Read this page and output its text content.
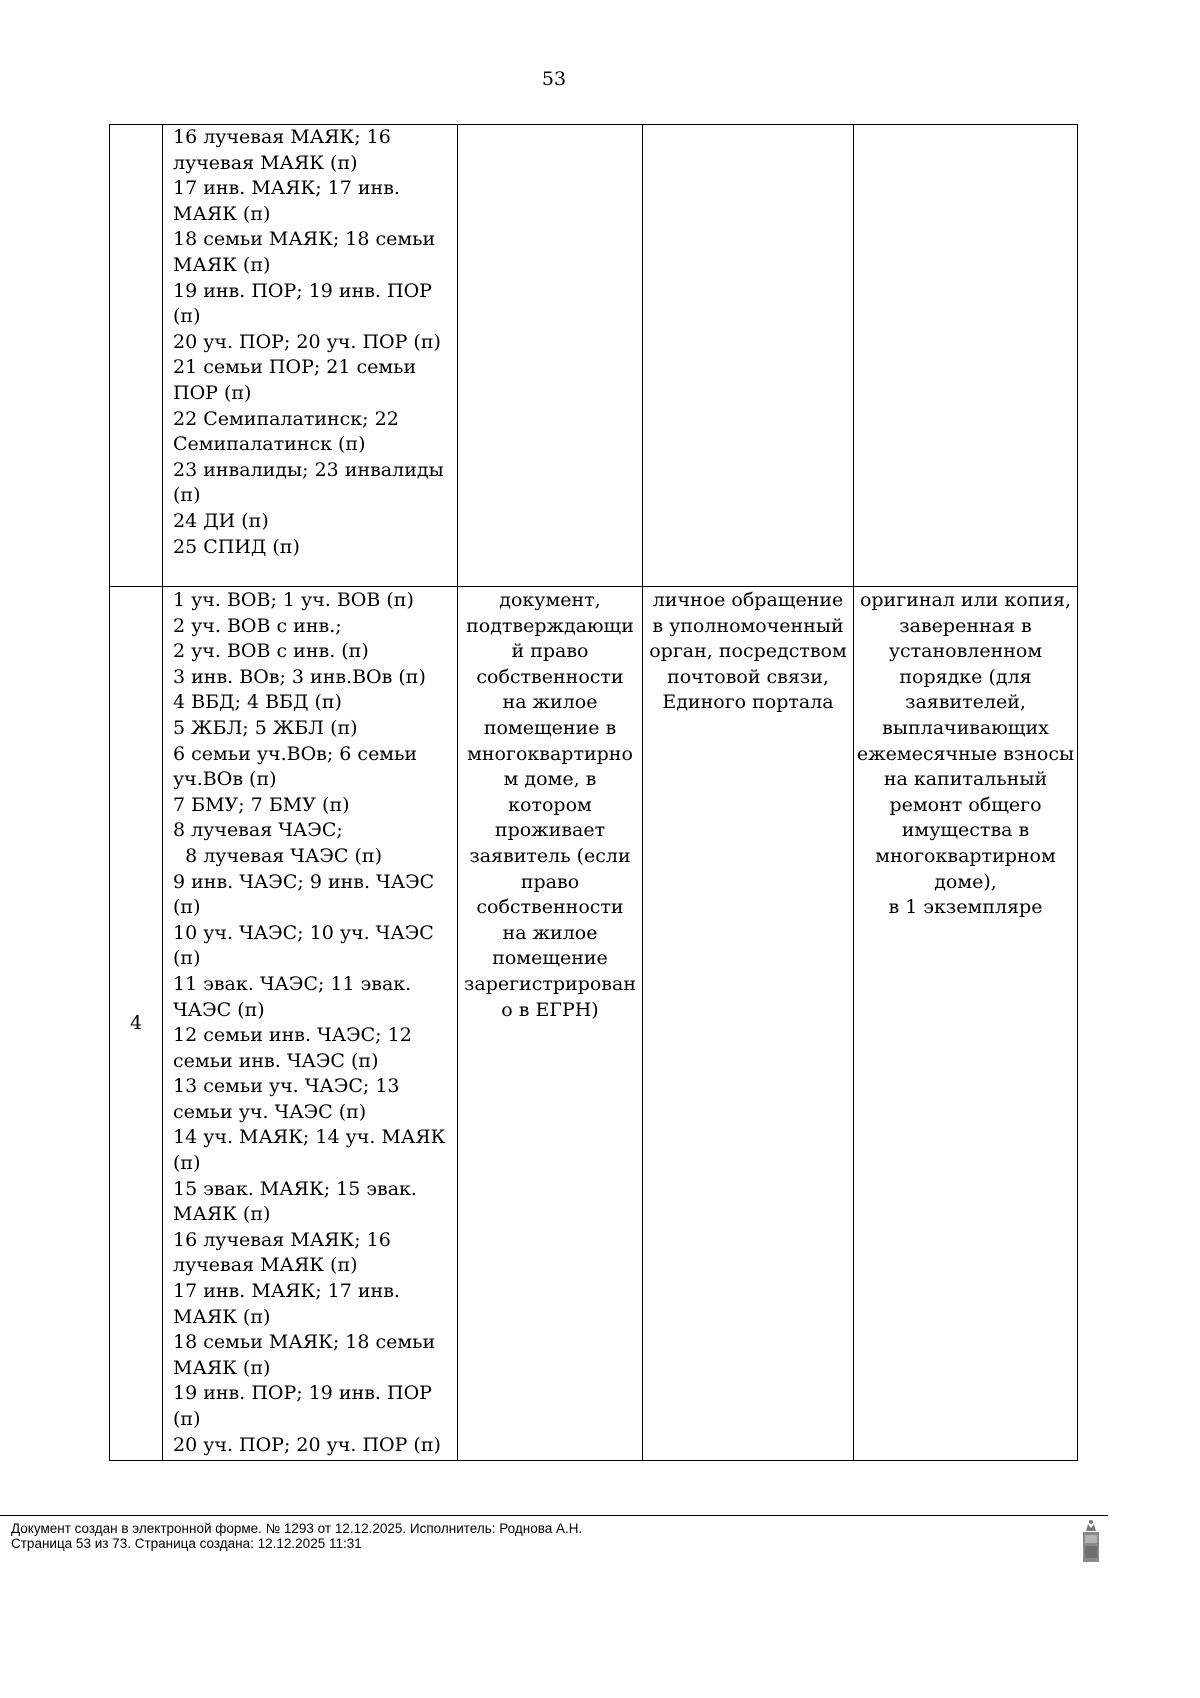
53
16 лучевая МАЯК; 16
лучевая МАЯК (п)
17 инв. МАЯК; 17 инв.
МАЯК (п)
18 семьи МАЯК; 18 семьи
МАЯК (п)
19 инв. ПОР; 19 инв. ПОР
(п)
20 уч. ПОР; 20 уч. ПОР (п)
21 семьи ПОР; 21 семьи
ПОР (п)
22 Семипалатинск; 22
Семипалатинск (п)
23 инвалиды; 23 инвалиды
(п)
24 ДИ (п)
25 СПИД (п)
4
1 уч. ВОВ; 1 уч. ВОВ (п)
2 уч. ВОВ с инв.;
2 уч. ВОВ с инв. (п)
3 инв. ВОв; 3 инв.ВОв (п)
4 ВБД; 4 ВБД (п)
5 ЖБЛ; 5 ЖБЛ (п)
6 семьи уч.ВОв; 6 семьи
уч.ВОв (п)
7 БМУ; 7 БМУ (п)
8 лучевая ЧАЭС;
8 лучевая ЧАЭС (п)
9 инв. ЧАЭС; 9 инв. ЧАЭС
(п)
10 уч. ЧАЭС; 10 уч. ЧАЭС
(п)
11 эвак. ЧАЭС; 11 эвак.
ЧАЭС (п)
12 семьи инв. ЧАЭС; 12
семьи инв. ЧАЭС (п)
13 семьи уч. ЧАЭС; 13
семьи уч. ЧАЭС (п)
14 уч. МАЯК; 14 уч. МАЯК
(п)
15 эвак. МАЯК; 15 эвак.
МАЯК (п)
16 лучевая МАЯК; 16
лучевая МАЯК (п)
17 инв. МАЯК; 17 инв.
МАЯК (п)
18 семьи МАЯК; 18 семьи
МАЯК (п)
19 инв. ПОР; 19 инв. ПОР
(п)
20 уч. ПОР; 20 уч. ПОР (п)
документ,
подтверждающи
й право
собственности
на жилое
помещение в
многоквартирно
м доме, в
котором
проживает
заявитель (если
право
собственности
на жилое
помещение
зарегистрирован
о в ЕГРН)
личное обращение
в уполномоченный
орган, посредством
почтовой связи,
Единого портала
оригинал или копия,
заверенная в
установленном
порядке (для
заявителей,
выплачивающих
ежемесячные взносы
на капитальный
ремонт общего
имущества в
многоквартирном
доме),
в 1 экземпляре
Документ создан в электронной форме. № 1293 от 12.12.2025. Исполнитель: Роднова А.Н.
Страница 53 из 73. Страница создана: 12.12.2025 11:31
